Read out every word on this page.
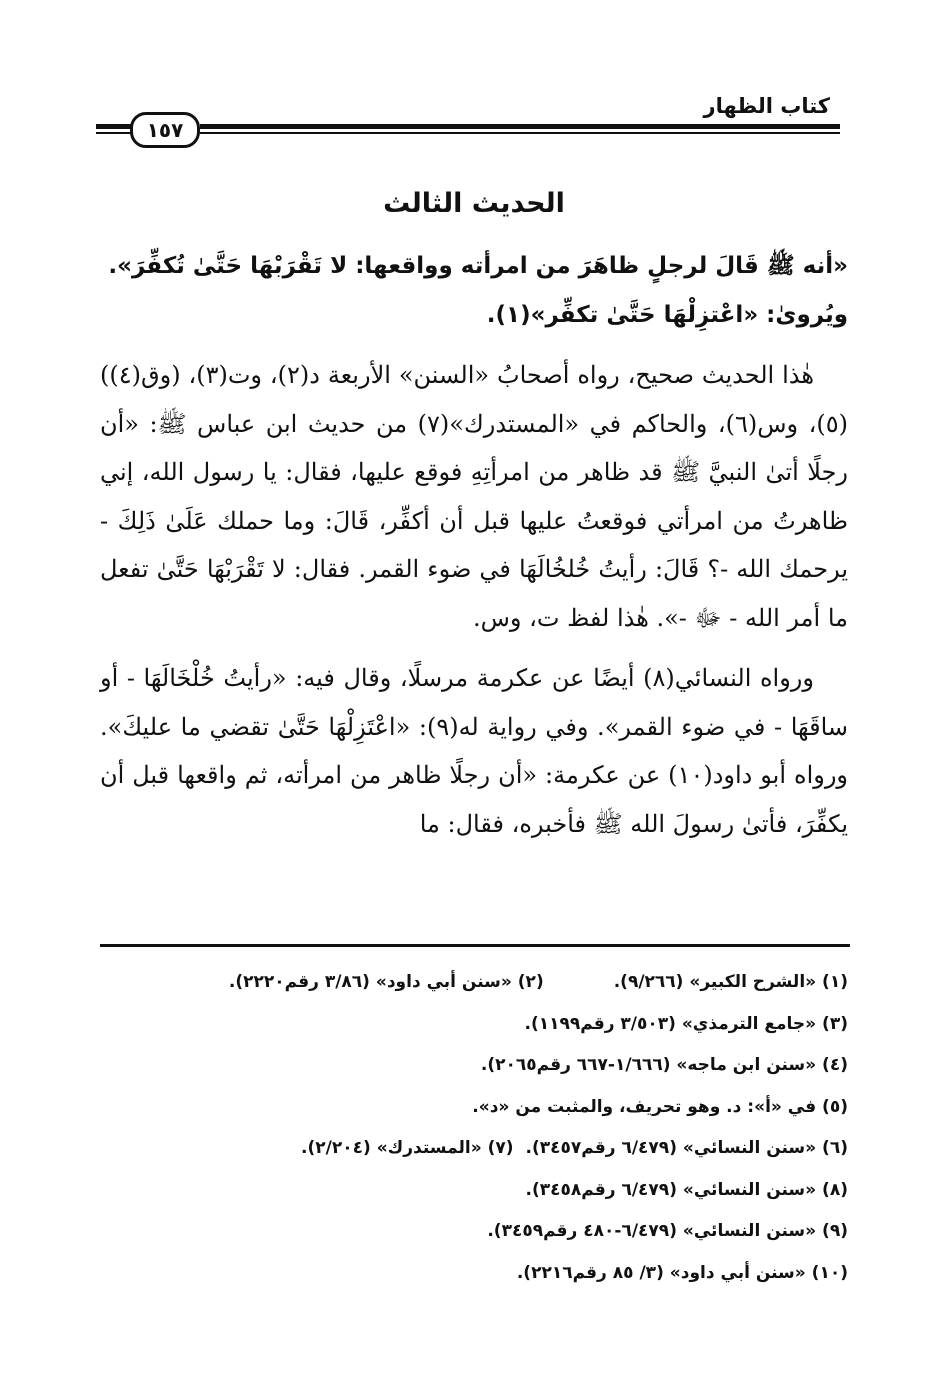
كتاب الظهار
١٥٧
الحديث الثالث

«أنه ﷺ قَالَ لرجلٍ ظاهَرَ من امرأته وواقعها: لا تَقْرَبْهَا حَتَّىٰ تُكفِّرَ».
ويُروىٰ: «اعْتزِلْهَا حَتَّىٰ تكفِّر»(١).

هٰذا الحديث صحيح، رواه أصحابُ «السنن» الأربعة د(٢)، وت(٣)، (وق(٤))(٥)، وس(٦)، والحاكم في «المستدرك»(٧) من حديث ابن عباس ﷺ: «أن رجلًا أتىٰ النبيَّ ﷺ قد ظاهر من امرأتِهِ فوقع عليها، فقال: يا رسول الله، إني ظاهرتُ من امرأتي فوقعتُ عليها قبل أن أكفِّر، قَالَ: وما حملك عَلَىٰ ذَلِكَ - يرحمك الله -؟ قَالَ: رأيتُ خُلخُالَهَا في ضوء القمر. فقال: لا تَقْرَبْهَا حَتَّىٰ تفعل ما أمر الله - ﷻ -». هٰذا لفظ ت، وس.

ورواه النسائي(٨) أيضًا عن عكرمة مرسلًا، وقال فيه: «رأيتُ خُلْخَالَهَا - أو ساقَهَا - في ضوء القمر». وفي رواية له(٩): «اعْتَزِلْهَا حَتَّىٰ تقضي ما عليكَ». ورواه أبو داود(١٠) عن عكرمة: «أن رجلًا ظاهر من امرأته، ثم واقعها قبل أن يكفِّرَ، فأتىٰ رسولَ الله ﷺ فأخبره، فقال: ما

(١) «الشرح الكبير» (٩/٢٦٦).
(٢) «سنن أبي داود» (٣/٨٦ رقم٢٢٢٠).
(٣) «جامع الترمذي» (٣/٥٠٣ رقم١١٩٩).
(٤) «سنن ابن ماجه» (١/٦٦٦-٦٦٧ رقم٢٠٦٥).
(٥) في «أ»: د. وهو تحريف، والمثبت من «د».
(٦) «سنن النسائي» (٦/٤٧٩ رقم٣٤٥٧).
(٧) «المستدرك» (٢/٢٠٤).
(٨) «سنن النسائي» (٦/٤٧٩ رقم٣٤٥٨).
(٩) «سنن النسائي» (٦/٤٧٩-٤٨٠ رقم٣٤٥٩).
(١٠) «سنن أبي داود» (٣/ ٨٥ رقم٢٢١٦).
